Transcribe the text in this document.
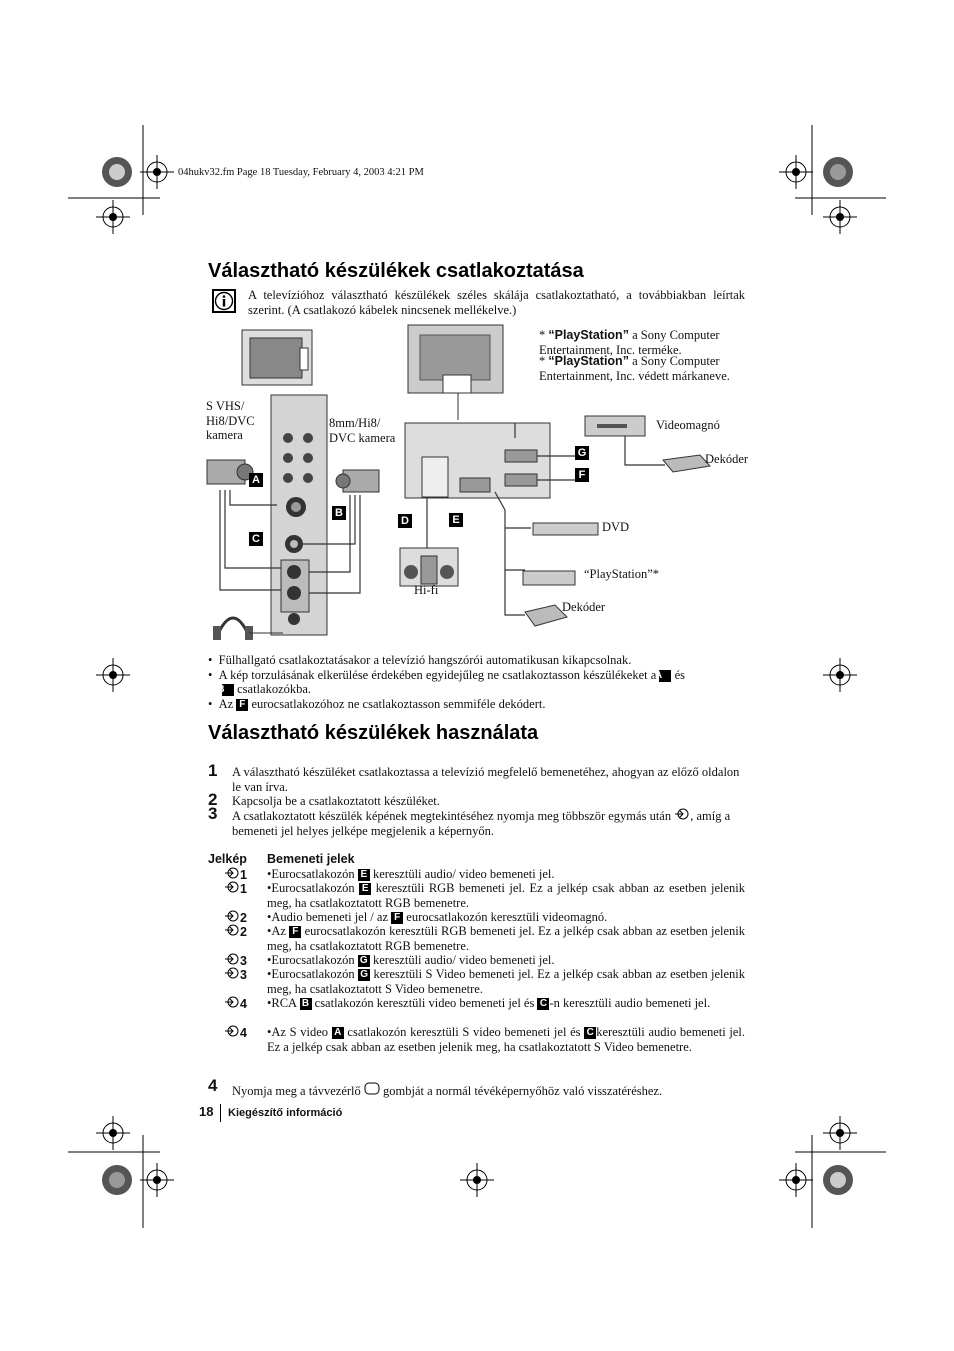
04hukv32.fm Page 18 Tuesday, February 4, 2003 4:21 PM
Választható készülékek csatlakoztatása
A televízióhoz választható készülékek széles skálája csatlakoztatható, a továbbiakban leírtak szerint. (A csatlakozó kábelek nincsenek mellékelve.)
* “PlayStation” a Sony Computer Entertainment, Inc. terméke.
* “PlayStation” a Sony Computer Entertainment, Inc. védett márkaneve.
S VHS/ Hi8/DVC kamera
8mm/Hi8/ DVC kamera
Videomagnó
Dekóder
DVD
“PlayStation”*
Hi-fi
Dekóder
A
B
C
D	E
F
G
•  Fülhallgató csatlakoztatásakor a televízió hangszórói automatikusan kikapcsolnak.
•  A kép torzulásának elkerülése érdekében egyidejűleg ne csatlakoztasson készülékeket a A és
B csatlakozókba.
•  Az F eurocsatlakozóhoz ne csatlakoztasson semmiféle dekódert.
Választható készülékek használata
1 A választható készüléket csatlakoztassa a televízió megfelelő bemenetéhez, ahogyan az előző oldalon le van írva.
2 Kapcsolja be a csatlakoztatott készüléket.
3 A csatlakoztatott készülék képének megtekintéséhez nyomja meg többször egymás után , amíg a bemeneti jel helyes jelképe megjelenik a képernyőn.
Jelkép Bemeneti jelek
1 •Eurocsatlakozón E keresztüli audio/ video bemeneti jel.
1 •Eurocsatlakozón E keresztüli RGB bemeneti jel. Ez a jelkép csak abban az esetben jelenik meg, ha csatlakoztatott RGB bemenetre.
2 •Audio bemeneti jel / az F eurocsatlakozón keresztüli videomagnó.
2 •Az F eurocsatlakozón keresztüli RGB bemeneti jel. Ez a jelkép csak abban az esetben jelenik meg, ha csatlakoztatott RGB bemenetre.
3 •Eurocsatlakozón G keresztüli audio/ video bemeneti jel.
3 •Eurocsatlakozón G keresztüli S Video bemeneti jel. Ez a jelkép csak abban az esetben jelenik meg, ha csatlakoztatott S Video bemenetre.
4 •RCA B csatlakozón keresztüli video bemeneti jel és C -n keresztüli audio bemeneti jel.
4 •Az S video A csatlakozón keresztüli S video bemeneti jel és C keresztüli audio bemeneti jel. Ez a jelkép csak abban az esetben jelenik meg, ha csatlakoztatott S Video bemenetre.
4 Nyomja meg a távvezérlő gombját a normál tévéképernyőhöz való visszatéréshez.
18 Kiegészítő információ
